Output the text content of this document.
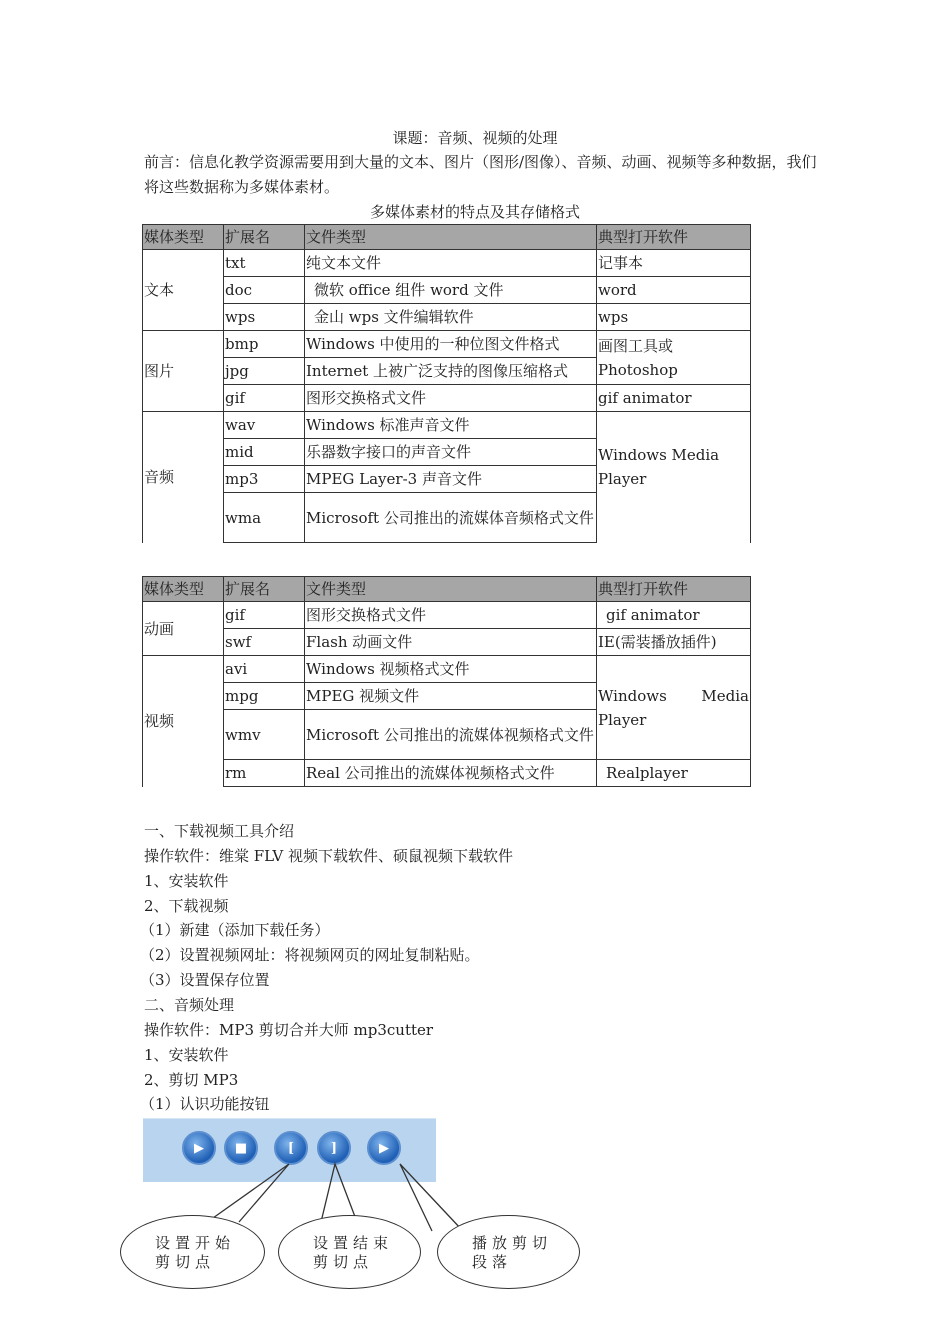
课题：音频、视频的处理
前言：信息化教学资源需要用到大量的文本、图片（图形/图像）、音频、动画、视频等多种数据，我们将这些数据称为多媒体素材。
多媒体素材的特点及其存储格式
媒体类型	扩展名	文件类型	典型打开软件
文本	txt	纯文本文件	记事本
	doc	微软 office 组件 word 文件	word
	wps	金山 wps 文件编辑软件	wps
图片	bmp	Windows 中使用的一种位图文件格式	画图工具或 Photoshop
	jpg	Internet 上被广泛支持的图像压缩格式	
	gif	图形交换格式文件	gif animator
音频	wav	Windows 标准声音文件	Windows Media Player
	mid	乐器数字接口的声音文件	
	mp3	MPEG Layer-3 声音文件	
	wma	Microsoft 公司推出的流媒体音频格式文件	
媒体类型	扩展名	文件类型	典型打开软件
动画	gif	图形交换格式文件	gif animator
	swf	Flash 动画文件	IE(需装播放插件)
视频	avi	Windows 视频格式文件	Windows Media
Player

	mpg	MPEG 视频文件	
	wmv	Microsoft 公司推出的流媒体视频格式文件	
	rm	Real 公司推出的流媒体视频格式文件	Realplayer
一、下载视频工具介绍
操作软件：维棠 FLV 视频下载软件、硕鼠视频下载软件
1、安装软件
2、下载视频
（1）新建（添加下载任务）
（2）设置视频网址：将视频网页的网址复制粘贴。
（3）设置保存位置
二、音频处理
操作软件：MP3 剪切合并大师 mp3cutter
1、安装软件
2、剪切 MP3
（1）认识功能按钮
▶	■	[	]	▶
设置开始
剪切点
设置结束
剪切点
播放剪切
段落
